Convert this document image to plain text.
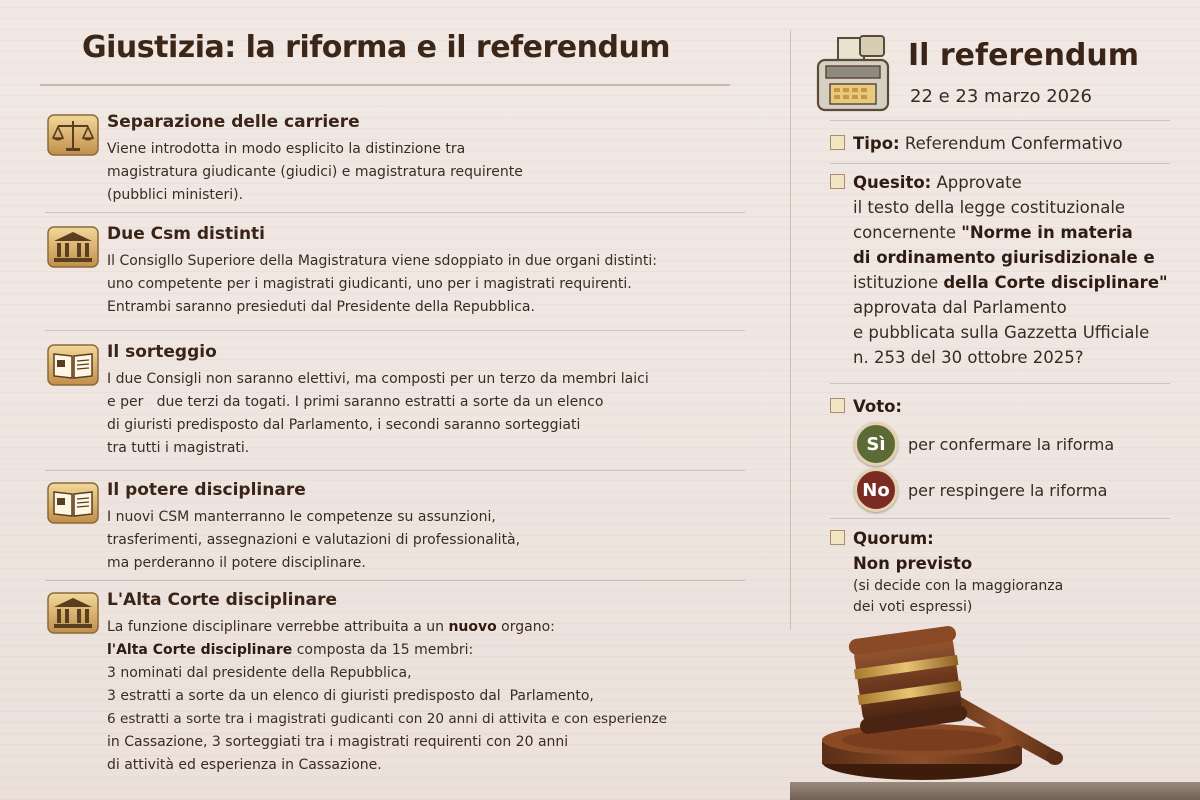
Giustizia: la riforma e il referendum
Separazione delle carriere

Viene introdotta in modo esplicito la distinzione tra

magistratura giudicante (giudici) e magistratura requirente

(pubblici ministeri).

Due Csm distinti

Il Consigllo Superiore della Magistratura viene sdoppiato in due organi distinti:

uno competente per i magistrati giudicanti, uno per i magistrati requirenti.

Entrambi saranno presieduti dal Presidente della Repubblica.

Il sorteggio

I due Consigli non saranno elettivi, ma composti per un terzo da membri laici

e per   due terzi da togati. I primi saranno estratti a sorte da un elenco

di giuristi predisposto dal Parlamento, i secondi saranno sorteggiati

tra tutti i magistrati.

Il potere disciplinare

I nuovi CSM manterranno le competenze su assunzioni,

trasferimenti, assegnazioni e valutazioni di professionalità,

ma perderanno il potere disciplinare.

L'Alta Corte disciplinare

La funzione disciplinare verrebbe attribuita a un nuovo organo:

l'Alta Corte disciplinare composta da 15 membri:

3 nominati dal presidente della Repubblica,

3 estratti a sorte da un elenco di giuristi predisposto dal  Parlamento,

6 estratti a sorte tra i magistrati gudicanti con 20 anni di attivita e con esperienze

in Cassazione, 3 sorteggiati tra i magistrati requirenti con 20 anni

di attività ed esperienza in Cassazione.

Il referendum
22 e 23 marzo 2026
Tipo: Referendum Confermativo
Quesito: Approvate
il testo della legge costituzionale
concernente "Norme in materia
di ordinamento giurisdizionale e
istituzione della Corte disciplinare"
approvata dal Parlamento
e pubblicata sulla Gazzetta Ufficiale
n. 253 del 30 ottobre 2025?
Voto:
Sì	per confermare la riforma
No	per respingere la riforma
Quorum:
Non previsto
(si decide con la maggioranza
dei voti espressi)
